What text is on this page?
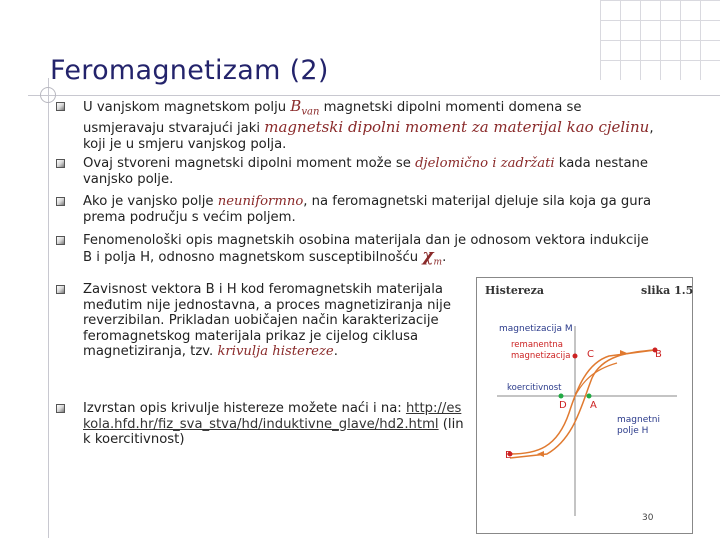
Feromagnetizam (2)
U vanjskom magnetskom polju $B_{van}$ magnetski dipolni momenti domena se usmjeravaju stvarajući jaki magnetski dipolni moment za materijal kao cjelinu, koji je u smjeru vanjskog polja.
Ovaj stvoreni magnetski dipolni moment može se djelomično i zadržati kada nestane vanjsko polje.
Ako je vanjsko polje neuniformno, na feromagnetski materijal djeluje sila koja ga gura prema području s većim poljem.
Fenomenološki opis magnetskih osobina materijala dan je odnosom vektora indukcije B i polja H, odnosno magnetskom susceptibilnošću $\chi_m$.
Zavisnost vektora B i H kod feromagnetskih materijala međutim nije jednostavna, a proces magnetiziranja nije reverzibilan. Prikladan uobičajen način karakterizacije feromagnetskog materijala prikaz je cijelog ciklusa magnetiziranja, tzv. krivulja histereze.
Izvrstan opis krivulje histereze možete naći i na: http://eskola.hfd.hr/fiz_sva_stva/hd/induktivne_glave/hd2.html (link koercitivnost)
Histereza	slika 1.5
magnetizacija M
remanentna
magnetizacija C	B
koercitivnost
D A
magnetni
polje H
E
30
